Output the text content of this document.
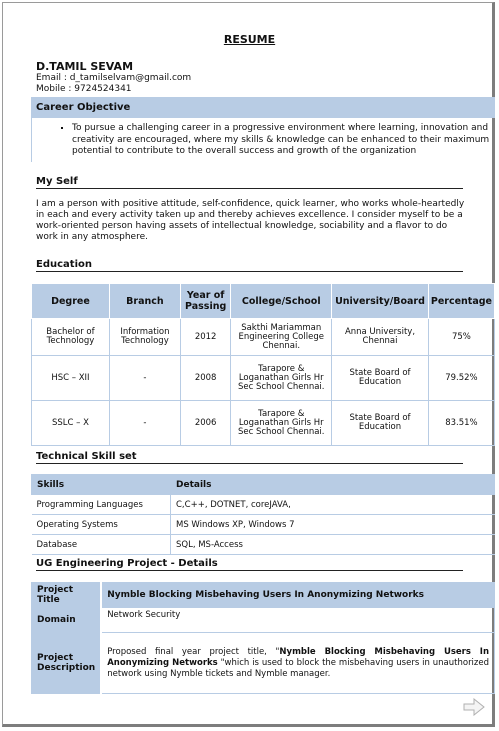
RESUME
D.TAMIL SEVAM
Email : d_tamilselvam@gmail.com
Mobile : 9724524341
Career Objective
▪ To pursue a challenging career in a progressive environment where learning, innovation and creativity are encouraged, where my skills & knowledge can be enhanced to their maximum potential to contribute to the overall success and growth of the organization
My Self
I am a person with positive attitude, self-confidence, quick learner, who works whole-heartedly in each and every activity taken up and thereby achieves excellence. I consider myself to be a work-oriented person having assets of intellectual knowledge, sociability and a flavor to do work in any atmosphere.
Education
Degree	Branch	Year of Passing	College/School	University/Board	Percentage
Bachelor of Technology	Information Technology	2012	Sakthi Mariamman Engineering College Chennai.	Anna University, Chennai	75%
HSC – XII	-	2008	Tarapore & Loganathan Girls Hr Sec School Chennai.	State Board of Education	79.52%
SSLC – X	-	2006	Tarapore & Loganathan Girls Hr Sec School Chennai.	State Board of Education	83.51%
Technical Skill set
Skills	Details
Programming Languages	C,C++, DOTNET, coreJAVA,
Operating Systems	MS Windows XP, Windows 7
Database	SQL, MS-Access
UG Engineering Project - Details
Project Title	Nymble Blocking Misbehaving Users In Anonymizing Networks
Domain	Network Security
Project Description	Proposed final year project title, "Nymble Blocking Misbehaving Users In Anonymizing Networks "which is used to block the misbehaving users in unauthorized network using Nymble tickets and Nymble manager.
